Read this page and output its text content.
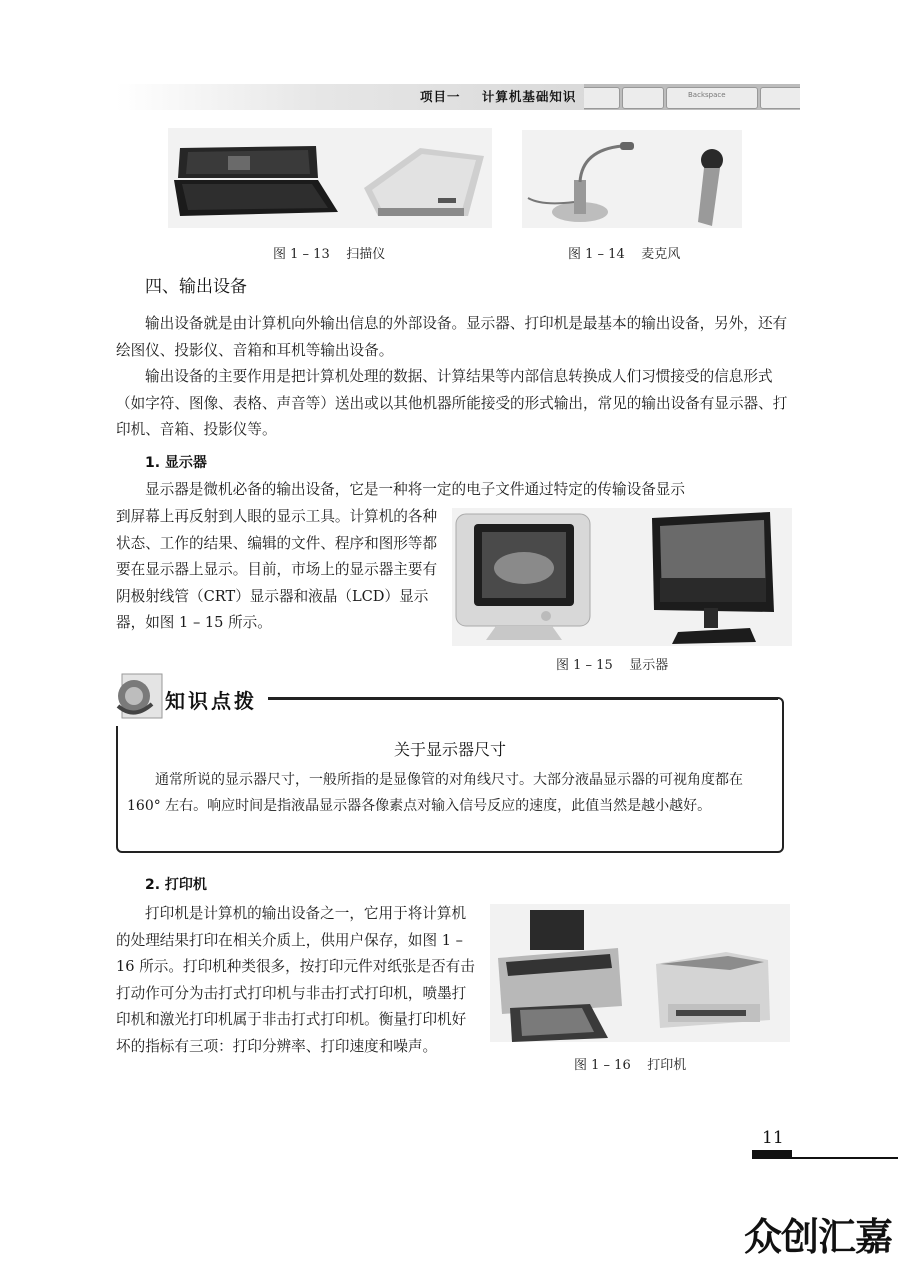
项目一    计算机基础知识	Backspace
图 1 – 13    扫描仪	图 1 – 14    麦克风
四、输出设备

输出设备就是由计算机向外输出信息的外部设备。显示器、打印机是最基本的输出设备，另外，还有绘图仪、投影仪、音箱和耳机等输出设备。

输出设备的主要作用是把计算机处理的数据、计算结果等内部信息转换成人们习惯接受的信息形式（如字符、图像、表格、声音等）送出或以其他机器所能接受的形式输出，常见的输出设备有显示器、打印机、音箱、投影仪等。

1. 显示器

显示器是微机必备的输出设备，它是一种将一定的电子文件通过特定的传输设备显示

到屏幕上再反射到人眼的显示工具。计算机的各种状态、工作的结果、编辑的文件、程序和图形等都要在显示器上显示。目前，市场上的显示器主要有阴极射线管（CRT）显示器和液晶（LCD）显示器，如图 1 – 15 所示。

图 1 – 15    显示器
知识点拨
关于显示器尺寸

通常所说的显示器尺寸，一般所指的是显像管的对角线尺寸。大部分液晶显示器的可视角度都在 160° 左右。响应时间是指液晶显示器各像素点对输入信号反应的速度，此值当然是越小越好。

2. 打印机

打印机是计算机的输出设备之一，它用于将计算机的处理结果打印在相关介质上，供用户保存，如图 1 –16 所示。打印机种类很多，按打印元件对纸张是否有击打动作可分为击打式打印机与非击打式打印机，喷墨打印机和激光打印机属于非击打式打印机。衡量打印机好坏的指标有三项：打印分辨率、打印速度和噪声。

图 1 – 16    打印机
11
众创汇嘉
